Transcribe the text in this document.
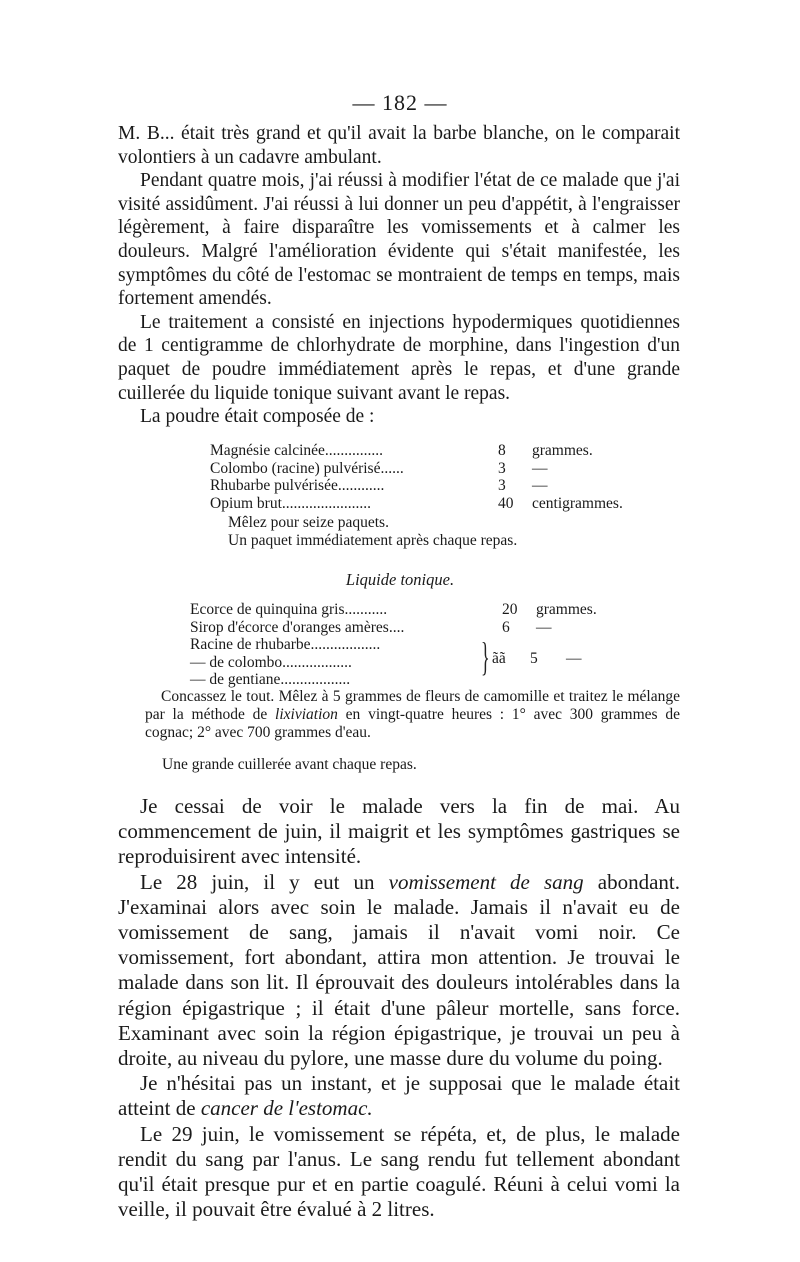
— 182 —

M. B... était très grand et qu'il avait la barbe blanche, on le comparait volontiers à un cadavre ambulant.

Pendant quatre mois, j'ai réussi à modifier l'état de ce malade que j'ai visité assidûment. J'ai réussi à lui donner un peu d'appétit, à l'engraisser légèrement, à faire disparaître les vomissements et à calmer les douleurs. Malgré l'amélioration évidente qui s'était manifestée, les symptômes du côté de l'estomac se montraient de temps en temps, mais fortement amendés.

Le traitement a consisté en injections hypodermiques quotidiennes de 1 centigramme de chlorhydrate de morphine, dans l'ingestion d'un paquet de poudre immédiatement après le repas, et d'une grande cuillerée du liquide tonique suivant avant le repas.

La poudre était composée de :

Magnésie calcinée...............	8 grammes.
Colombo (racine) pulvérisé......	3 —
Rhubarbe pulvérisée............	3 —
Opium brut.......................	40 centigrammes.
Mêlez pour seize paquets.
Un paquet immédiatement après chaque repas.
Liquide tonique.
Ecorce de quinquina gris...........	20 grammes.
Sirop d'écorce d'oranges amères....	6 —
Racine de rhubarbe..................
— de colombo..................
— de gentiane..................
} ãã 5 —

Concassez le tout. Mêlez à 5 grammes de fleurs de camomille et traitez le mélange par la méthode de lixiviation en vingt-quatre heures : 1° avec 300 grammes de cognac; 2° avec 700 grammes d'eau.

Une grande cuillerée avant chaque repas.

Je cessai de voir le malade vers la fin de mai. Au commencement de juin, il maigrit et les symptômes gastriques se reproduisirent avec intensité.

Le 28 juin, il y eut un vomissement de sang abondant. J'examinai alors avec soin le malade. Jamais il n'avait eu de vomissement de sang, jamais il n'avait vomi noir. Ce vomissement, fort abondant, attira mon attention. Je trouvai le malade dans son lit. Il éprouvait des douleurs intolérables dans la région épigastrique ; il était d'une pâleur mortelle, sans force. Examinant avec soin la région épigastrique, je trouvai un peu à droite, au niveau du pylore, une masse dure du volume du poing.

Je n'hésitai pas un instant, et je supposai que le malade était atteint de cancer de l'estomac.

Le 29 juin, le vomissement se répéta, et, de plus, le malade rendit du sang par l'anus. Le sang rendu fut tellement abondant qu'il était presque pur et en partie coagulé. Réuni à celui vomi la veille, il pouvait être évalué à 2 litres.
